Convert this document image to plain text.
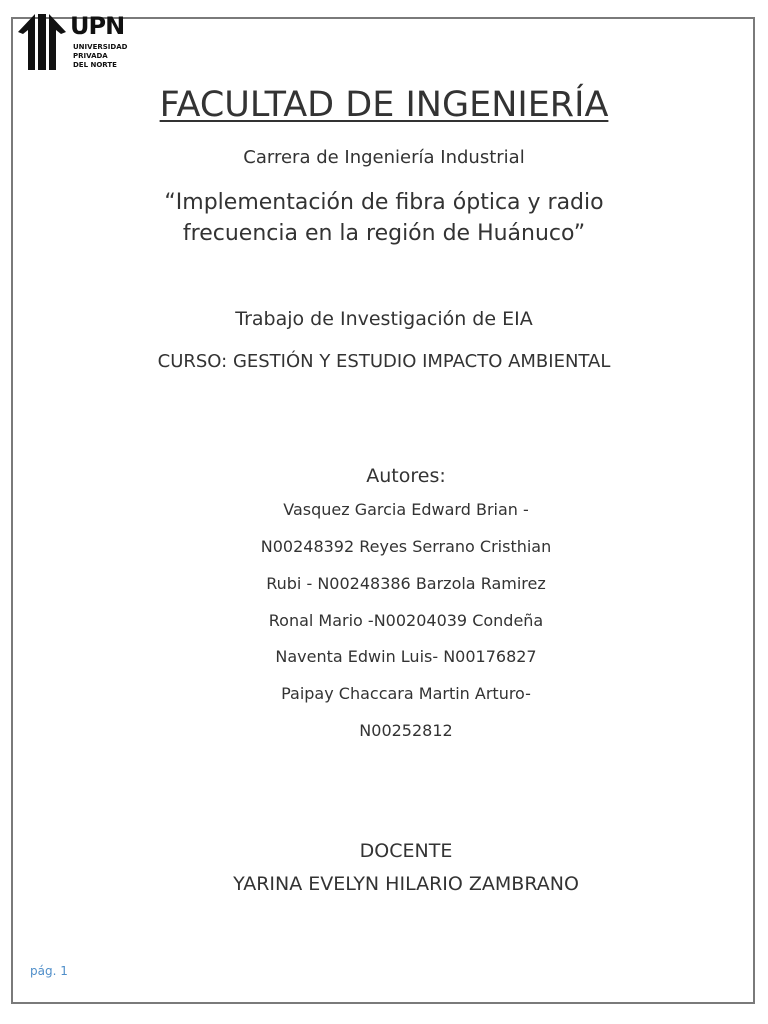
UPN
UNIVERSIDAD
PRIVADA
DEL NORTE
FACULTAD DE INGENIERÍA
Carrera de Ingeniería Industrial
“Implementación de fibra óptica y radio
frecuencia en la región de Huánuco”
Trabajo de Investigación de EIA
CURSO: GESTIÓN Y ESTUDIO IMPACTO AMBIENTAL
Autores:
Vasquez Garcia Edward Brian -
N00248392 Reyes Serrano Cristhian
Rubi - N00248386 Barzola Ramirez
Ronal Mario -N00204039 Condeña
Naventa Edwin Luis- N00176827
Paipay Chaccara Martin Arturo-
N00252812
DOCENTE
YARINA EVELYN HILARIO ZAMBRANO
pág. 1
